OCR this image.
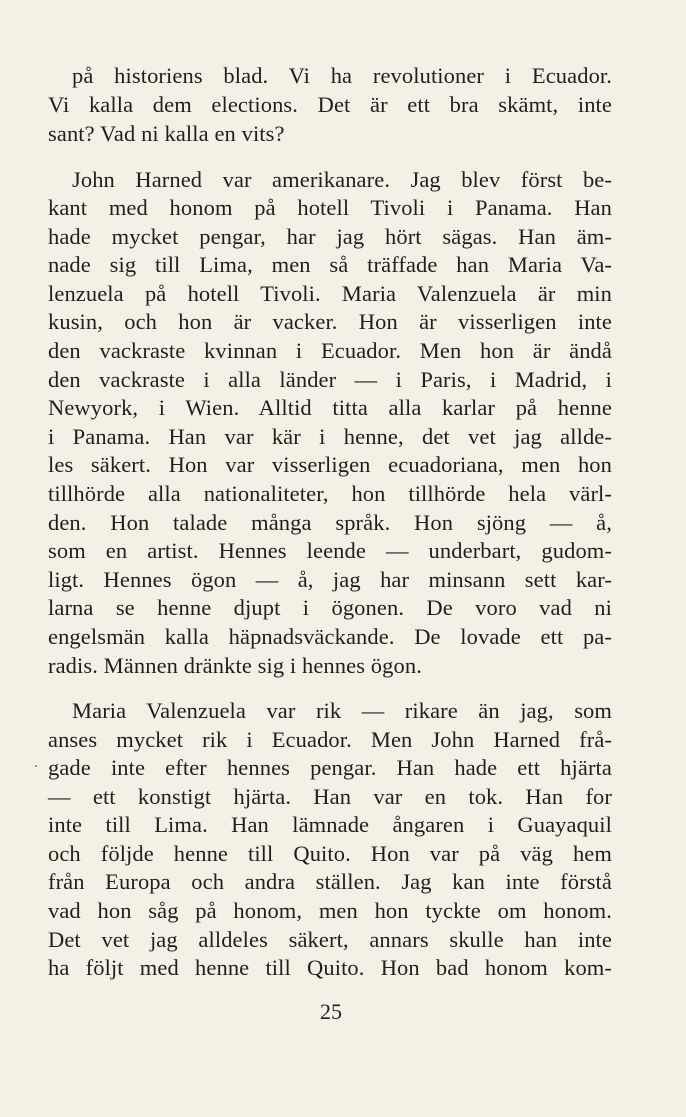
på historiens blad. Vi ha revolutioner i Ecuador.
Vi kalla dem elections. Det är ett bra skämt, inte
sant? Vad ni kalla en vits?
John Harned var amerikanare. Jag blev först be-
kant med honom på hotell Tivoli i Panama. Han
hade mycket pengar, har jag hört sägas. Han äm-
nade sig till Lima, men så träffade han Maria Va-
lenzuela på hotell Tivoli. Maria Valenzuela är min
kusin, och hon är vacker. Hon är visserligen inte
den vackraste kvinnan i Ecuador. Men hon är ändå
den vackraste i alla länder — i Paris, i Madrid, i
Newyork, i Wien. Alltid titta alla karlar på henne
i Panama. Han var kär i henne, det vet jag allde-
les säkert. Hon var visserligen ecuadoriana, men hon
tillhörde alla nationaliteter, hon tillhörde hela värl-
den. Hon talade många språk. Hon sjöng — å,
som en artist. Hennes leende — underbart, gudom-
ligt. Hennes ögon — å, jag har minsann sett kar-
larna se henne djupt i ögonen. De voro vad ni
engelsmän kalla häpnadsväckande. De lovade ett pa-
radis. Männen dränkte sig i hennes ögon.
Maria Valenzuela var rik — rikare än jag, som
anses mycket rik i Ecuador. Men John Harned frå-
gade inte efter hennes pengar. Han hade ett hjärta
— ett konstigt hjärta. Han var en tok. Han for
inte till Lima. Han lämnade ångaren i Guayaquil
och följde henne till Quito. Hon var på väg hem
från Europa och andra ställen. Jag kan inte förstå
vad hon såg på honom, men hon tyckte om honom.
Det vet jag alldeles säkert, annars skulle han inte
ha följt med henne till Quito. Hon bad honom kom-
25
